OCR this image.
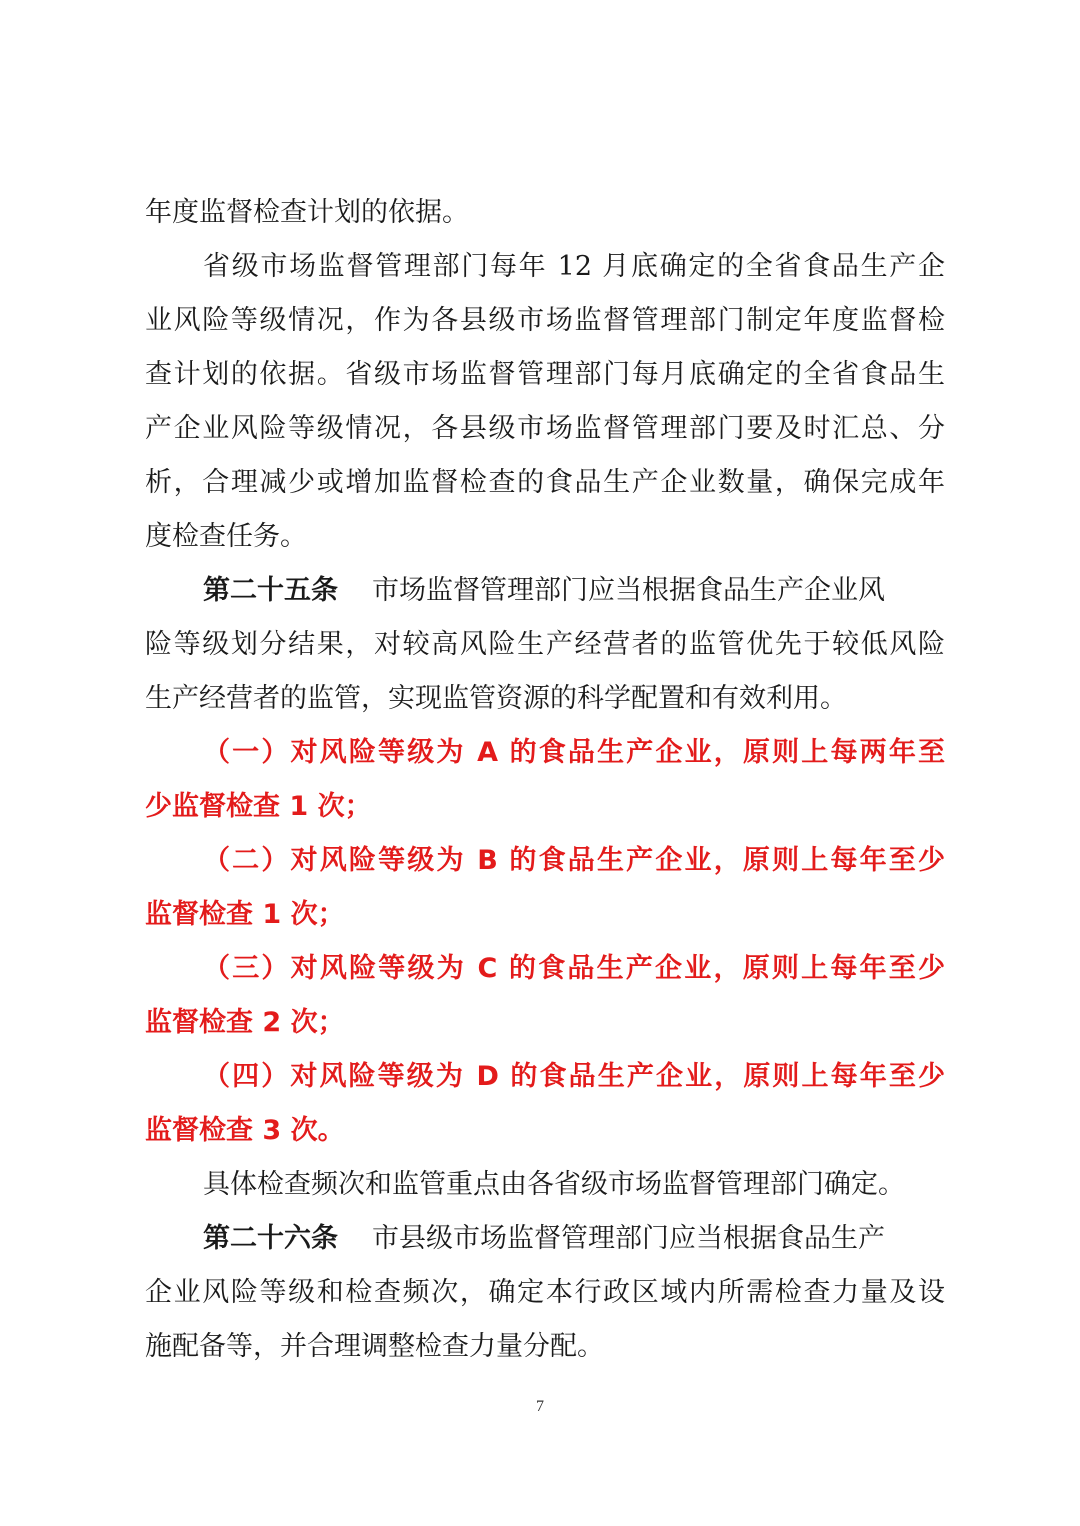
年度监督检查计划的依据。
省级市场监督管理部门每年 12 月底确定的全省食品生产企
业风险等级情况，作为各县级市场监督管理部门制定年度监督检
查计划的依据。省级市场监督管理部门每月底确定的全省食品生
产企业风险等级情况，各县级市场监督管理部门要及时汇总、分
析，合理减少或增加监督检查的食品生产企业数量，确保完成年
度检查任务。
第二十五条 市场监督管理部门应当根据食品生产企业风
险等级划分结果，对较高风险生产经营者的监管优先于较低风险
生产经营者的监管，实现监管资源的科学配置和有效利用。
（一）对风险等级为 A 的食品生产企业，原则上每两年至
少监督检查 1 次；
（二）对风险等级为 B 的食品生产企业，原则上每年至少
监督检查 1 次；
（三）对风险等级为 C 的食品生产企业，原则上每年至少
监督检查 2 次；
（四）对风险等级为 D 的食品生产企业，原则上每年至少
监督检查 3 次。
具体检查频次和监管重点由各省级市场监督管理部门确定。
第二十六条 市县级市场监督管理部门应当根据食品生产
企业风险等级和检查频次，确定本行政区域内所需检查力量及设
施配备等，并合理调整检查力量分配。
7
